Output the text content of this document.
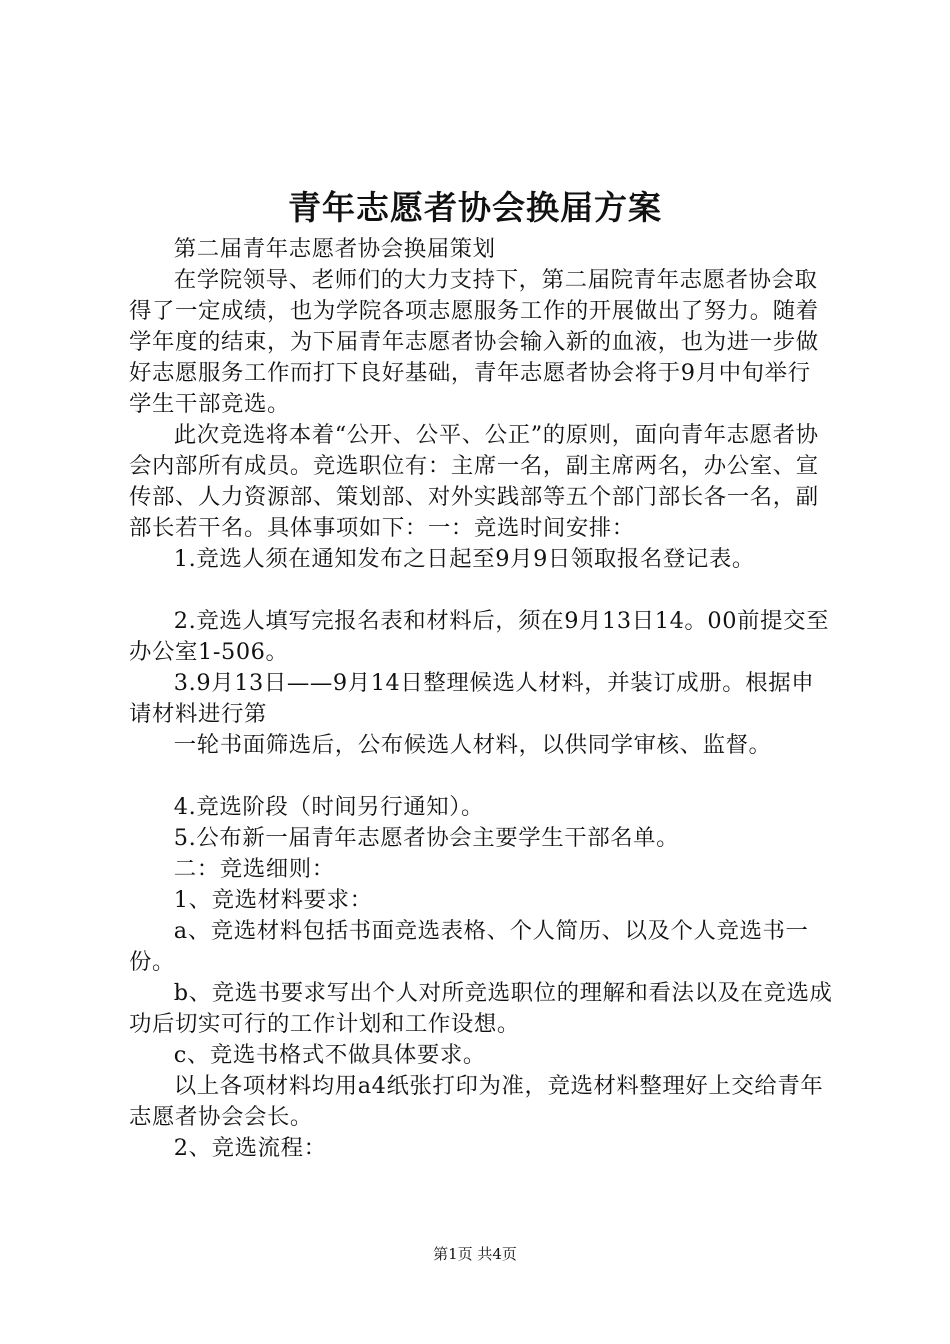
青年志愿者协会换届方案

第二届青年志愿者协会换届策划

在学院领导、老师们的大力支持下，第二届院青年志愿者协会取得了一定成绩，也为学院各项志愿服务工作的开展做出了努力。随着学年度的结束，为下届青年志愿者协会输入新的血液，也为进一步做好志愿服务工作而打下良好基础，青年志愿者协会将于9月中旬举行学生干部竞选。

此次竞选将本着“公开、公平、公正”的原则，面向青年志愿者协会内部所有成员。竞选职位有：主席一名，副主席两名，办公室、宣传部、人力资源部、策划部、对外实践部等五个部门部长各一名，副部长若干名。具体事项如下：一：竞选时间安排：

1.竞选人须在通知发布之日起至9月9日领取报名登记表。

2.竞选人填写完报名表和材料后，须在9月13日14。00前提交至办公室1-506。

3.9月13日——9月14日整理候选人材料，并装订成册。根据申请材料进行第

一轮书面筛选后，公布候选人材料，以供同学审核、监督。

4.竞选阶段（时间另行通知）。

5.公布新一届青年志愿者协会主要学生干部名单。

二：竞选细则：

1、竞选材料要求：

a、竞选材料包括书面竞选表格、个人简历、以及个人竞选书一份。

b、竞选书要求写出个人对所竞选职位的理解和看法以及在竞选成功后切实可行的工作计划和工作设想。

c、竞选书格式不做具体要求。

以上各项材料均用a4纸张打印为准，竞选材料整理好上交给青年志愿者协会会长。

2、竞选流程：

第1页 共4页
